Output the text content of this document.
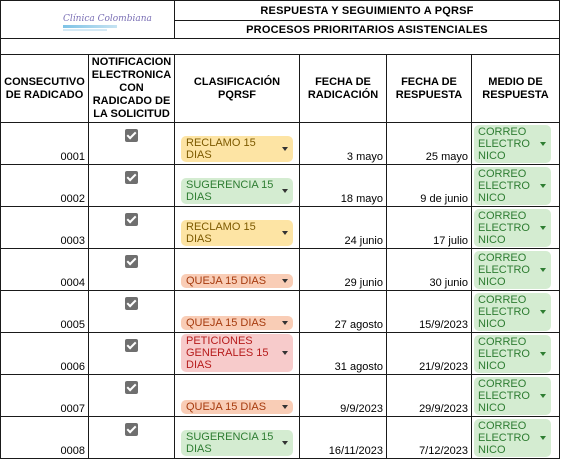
Clínica Colombiana		RESPUESTA Y SEGUIMIENTO A PQRSF			
		PROCESOS PRIORITARIOS ASISTENCIALES			

CONSECUTIVO DE RADICADO	NOTIFICACION ELECTRONICA CON RADICADO DE LA SOLICITUD	CLASIFICACIÓN PQRSF	FECHA DE RADICACIÓN	FECHA DE RESPUESTA	MEDIO DE RESPUESTA
0001		RECLAMO 15 DIAS	3 mayo	25 mayo	CORREO ELECTRO NICO

0002		SUGERENCIA 15 DIAS	18 mayo	9 de junio	CORREO ELECTRO NICO

0003		RECLAMO 15 DIAS	24 junio	17 julio	CORREO ELECTRO NICO

0004		QUEJA 15 DIAS	29 junio	30 junio	CORREO ELECTRO NICO

0005		QUEJA 15 DIAS	27 agosto	15/9/2023	CORREO ELECTRO NICO

0006		PETICIONES GENERALES 15 DIAS	31 agosto	21/9/2023	CORREO ELECTRO NICO

0007		QUEJA 15 DIAS	9/9/2023	29/9/2023	CORREO ELECTRO NICO

0008		SUGERENCIA 15 DIAS	16/11/2023	7/12/2023	CORREO ELECTRO NICO
